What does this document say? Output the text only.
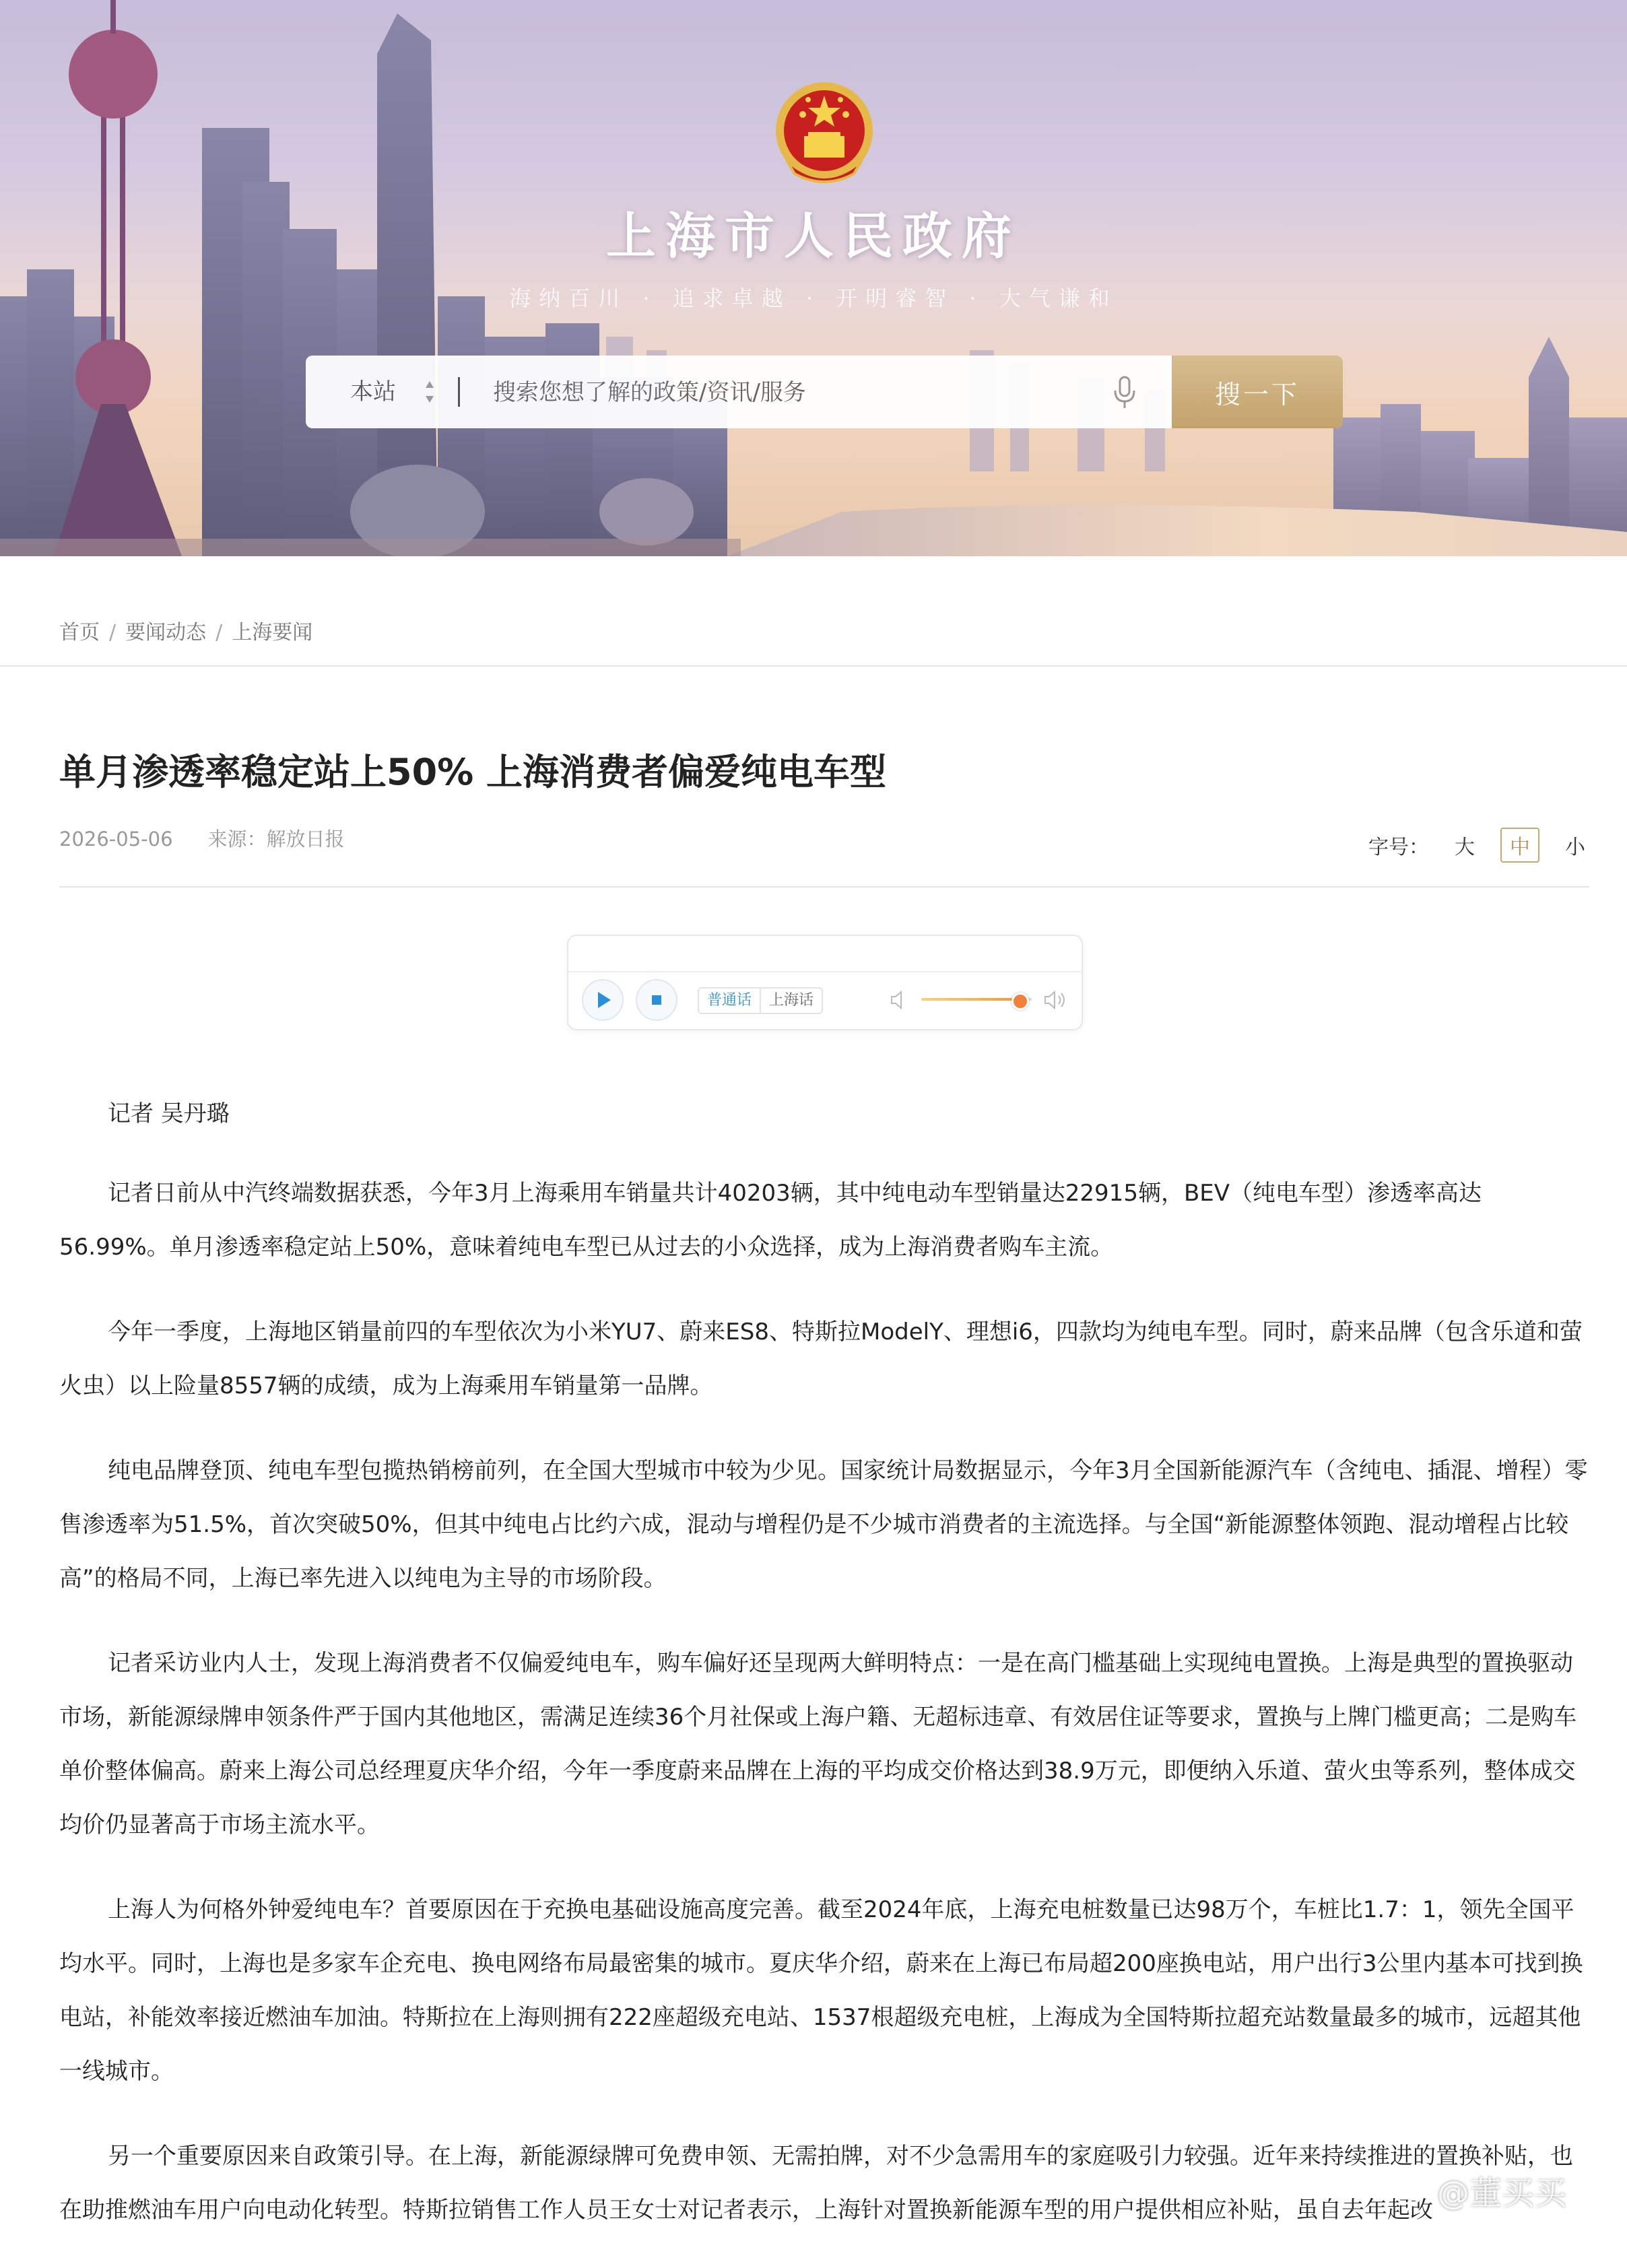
上海市人民政府
海纳百川 · 追求卓越 · 开明睿智 · 大气谦和
本站
搜索您想了解的政策/资讯/服务	搜一下
首页 / 要闻动态 / 上海要闻
单月渗透率稳定站上50% 上海消费者偏爱纯电车型
2026-05-06 来源：解放日报	字号：	大	中	小
普通话	上海话

记者 吴丹璐

记者日前从中汽终端数据获悉，今年3月上海乘用车销量共计40203辆，其中纯电动车型销量达22915辆，BEV（纯电车型）渗透率高达56.99%。单月渗透率稳定站上50%，意味着纯电车型已从过去的小众选择，成为上海消费者购车主流。

今年一季度，上海地区销量前四的车型依次为小米YU7、蔚来ES8、特斯拉ModelY、理想i6，四款均为纯电车型。同时，蔚来品牌（包含乐道和萤火虫）以上险量8557辆的成绩，成为上海乘用车销量第一品牌。

纯电品牌登顶、纯电车型包揽热销榜前列，在全国大型城市中较为少见。国家统计局数据显示，今年3月全国新能源汽车（含纯电、插混、增程）零售渗透率为51.5%，首次突破50%，但其中纯电占比约六成，混动与增程仍是不少城市消费者的主流选择。与全国“新能源整体领跑、混动增程占比较高”的格局不同，上海已率先进入以纯电为主导的市场阶段。

记者采访业内人士，发现上海消费者不仅偏爱纯电车，购车偏好还呈现两大鲜明特点：一是在高门槛基础上实现纯电置换。上海是典型的置换驱动市场，新能源绿牌申领条件严于国内其他地区，需满足连续36个月社保或上海户籍、无超标违章、有效居住证等要求，置换与上牌门槛更高；二是购车单价整体偏高。蔚来上海公司总经理夏庆华介绍，今年一季度蔚来品牌在上海的平均成交价格达到38.9万元，即便纳入乐道、萤火虫等系列，整体成交均价仍显著高于市场主流水平。

上海人为何格外钟爱纯电车？首要原因在于充换电基础设施高度完善。截至2024年底，上海充电桩数量已达98万个，车桩比1.7：1，领先全国平均水平。同时，上海也是多家车企充电、换电网络布局最密集的城市。夏庆华介绍，蔚来在上海已布局超200座换电站，用户出行3公里内基本可找到换电站，补能效率接近燃油车加油。特斯拉在上海则拥有222座超级充电站、1537根超级充电桩，上海成为全国特斯拉超充站数量最多的城市，远超其他一线城市。

另一个重要原因来自政策引导。在上海，新能源绿牌可免费申领、无需拍牌，对不少急需用车的家庭吸引力较强。近年来持续推进的置换补贴，也在助推燃油车用户向电动化转型。特斯拉销售工作人员王女士对记者表示，上海针对置换新能源车型的用户提供相应补贴，虽自去年起改 @董买买
